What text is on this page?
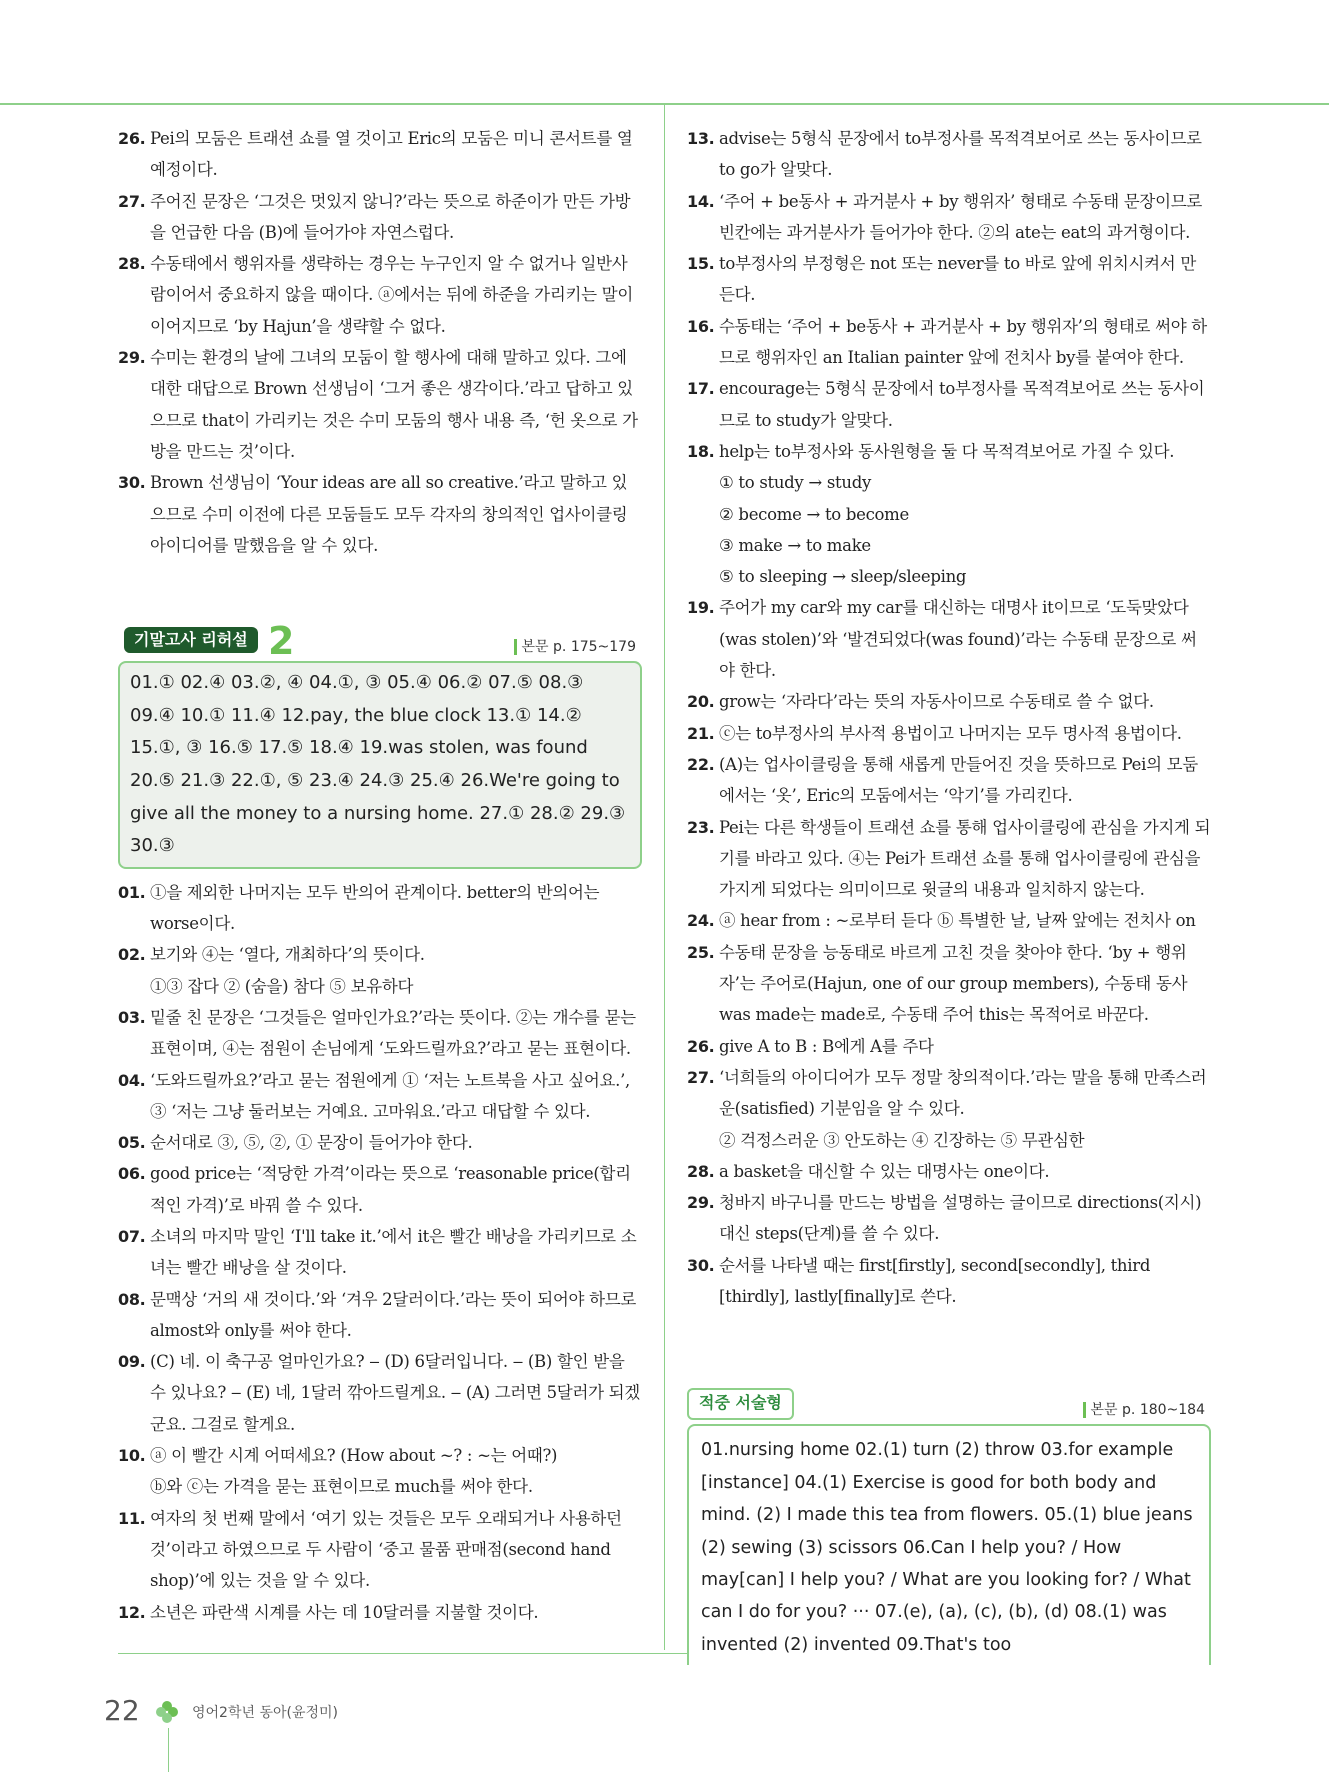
26. Pei의 모둠은 트래션 쇼를 열 것이고 Eric의 모둠은 미니 콘서트를 열 예정이다.
27. 주어진 문장은 ‘그것은 멋있지 않니?’라는 뜻으로 하준이가 만든 가방을 언급한 다음 (B)에 들어가야 자연스럽다.
28. 수동태에서 행위자를 생략하는 경우는 누구인지 알 수 없거나 일반사람이어서 중요하지 않을 때이다. ⓐ에서는 뒤에 하준을 가리키는 말이 이어지므로 ‘by Hajun’을 생략할 수 없다.
29. 수미는 환경의 날에 그녀의 모둠이 할 행사에 대해 말하고 있다. 그에 대한 대답으로 Brown 선생님이 ‘그거 좋은 생각이다.’라고 답하고 있으므로 that이 가리키는 것은 수미 모둠의 행사 내용 즉, ‘헌 옷으로 가방을 만드는 것’이다.
30. Brown 선생님이 ‘Your ideas are all so creative.’라고 말하고 있으므로 수미 이전에 다른 모둠들도 모두 각자의 창의적인 업사이클링 아이디어를 말했음을 알 수 있다.
기말고사 리허설 2	본문 p. 175~179
01.① 02.④ 03.②, ④ 04.①, ③ 05.④ 06.② 07.⑤ 08.③ 09.④ 10.① 11.④ 12.pay, the blue clock 13.① 14.② 15.①, ③ 16.⑤ 17.⑤ 18.④ 19.was stolen, was found 20.⑤ 21.③ 22.①, ⑤ 23.④ 24.③ 25.④ 26.We're going to give all the money to a nursing home. 27.① 28.② 29.③ 30.③
01. ①을 제외한 나머지는 모두 반의어 관계이다. better의 반의어는 worse이다.
02. 보기와 ④는 ‘열다, 개최하다’의 뜻이다.
①③ 잡다 ② (숨을) 참다 ⑤ 보유하다
03. 밑줄 친 문장은 ‘그것들은 얼마인가요?’라는 뜻이다. ②는 개수를 묻는 표현이며, ④는 점원이 손님에게 ‘도와드릴까요?’라고 묻는 표현이다.
04. ‘도와드릴까요?’라고 묻는 점원에게 ① ‘저는 노트북을 사고 싶어요.’, ③ ‘저는 그냥 둘러보는 거예요. 고마워요.’라고 대답할 수 있다.
05. 순서대로 ③, ⑤, ②, ① 문장이 들어가야 한다.
06. good price는 ‘적당한 가격’이라는 뜻으로 ‘reasonable price(합리적인 가격)’로 바꿔 쓸 수 있다.
07. 소녀의 마지막 말인 ‘I'll take it.’에서 it은 빨간 배낭을 가리키므로 소녀는 빨간 배낭을 살 것이다.
08. 문맥상 ‘거의 새 것이다.’와 ‘겨우 2달러이다.’라는 뜻이 되어야 하므로 almost와 only를 써야 한다.
09. (C) 네. 이 축구공 얼마인가요? ‒ (D) 6달러입니다. ‒ (B) 할인 받을 수 있나요? ‒ (E) 네, 1달러 깎아드릴게요. ‒ (A) 그러면 5달러가 되겠군요. 그걸로 할게요.
10. ⓐ 이 빨간 시계 어떠세요? (How about ~? : ~는 어때?)
ⓑ와 ⓒ는 가격을 묻는 표현이므로 much를 써야 한다.
11. 여자의 첫 번째 말에서 ‘여기 있는 것들은 모두 오래되거나 사용하던 것’이라고 하였으므로 두 사람이 ‘중고 물품 판매점(second hand shop)’에 있는 것을 알 수 있다.
12. 소년은 파란색 시계를 사는 데 10달러를 지불할 것이다.
13. advise는 5형식 문장에서 to부정사를 목적격보어로 쓰는 동사이므로 to go가 알맞다.
14. ‘주어 + be동사 + 과거분사 + by 행위자’ 형태로 수동태 문장이므로 빈칸에는 과거분사가 들어가야 한다. ②의 ate는 eat의 과거형이다.
15. to부정사의 부정형은 not 또는 never를 to 바로 앞에 위치시켜서 만든다.
16. 수동태는 ‘주어 + be동사 + 과거분사 + by 행위자’의 형태로 써야 하므로 행위자인 an Italian painter 앞에 전치사 by를 붙여야 한다.
17. encourage는 5형식 문장에서 to부정사를 목적격보어로 쓰는 동사이므로 to study가 알맞다.
18. help는 to부정사와 동사원형을 둘 다 목적격보어로 가질 수 있다.
① to study → study
② become → to become
③ make → to make
⑤ to sleeping → sleep/sleeping
19. 주어가 my car와 my car를 대신하는 대명사 it이므로 ‘도둑맞았다(was stolen)’와 ‘발견되었다(was found)’라는 수동태 문장으로 써야 한다.
20. grow는 ‘자라다’라는 뜻의 자동사이므로 수동태로 쓸 수 없다.
21. ⓒ는 to부정사의 부사적 용법이고 나머지는 모두 명사적 용법이다.
22. (A)는 업사이클링을 통해 새롭게 만들어진 것을 뜻하므로 Pei의 모둠에서는 ‘옷’, Eric의 모둠에서는 ‘악기’를 가리킨다.
23. Pei는 다른 학생들이 트래션 쇼를 통해 업사이클링에 관심을 가지게 되기를 바라고 있다. ④는 Pei가 트래션 쇼를 통해 업사이클링에 관심을 가지게 되었다는 의미이므로 윗글의 내용과 일치하지 않는다.
24. ⓐ hear from : ~로부터 듣다 ⓑ 특별한 날, 날짜 앞에는 전치사 on
25. 수동태 문장을 능동태로 바르게 고친 것을 찾아야 한다. ‘by + 행위자’는 주어로(Hajun, one of our group members), 수동태 동사 was made는 made로, 수동태 주어 this는 목적어로 바꾼다.
26. give A to B : B에게 A를 주다
27. ‘너희들의 아이디어가 모두 정말 창의적이다.’라는 말을 통해 만족스러운(satisfied) 기분임을 알 수 있다.
② 걱정스러운 ③ 안도하는 ④ 긴장하는 ⑤ 무관심한
28. a basket을 대신할 수 있는 대명사는 one이다.
29. 청바지 바구니를 만드는 방법을 설명하는 글이므로 directions(지시) 대신 steps(단계)를 쓸 수 있다.
30. 순서를 나타낼 때는 first[firstly], second[secondly], third [thirdly], lastly[finally]로 쓴다.
적중 서술형	본문 p. 180~184
01.nursing home 02.(1) turn (2) throw 03.for example [instance] 04.(1) Exercise is good for both body and mind. (2) I made this tea from flowers. 05.(1) blue jeans (2) sewing (3) scissors 06.Can I help you? / How may[can] I help you? / What are you looking for? / What can I do for you? ··· 07.(e), (a), (c), (b), (d) 08.(1) was invented (2) invented 09.That's too
22	영어2학년 동아(윤정미)
